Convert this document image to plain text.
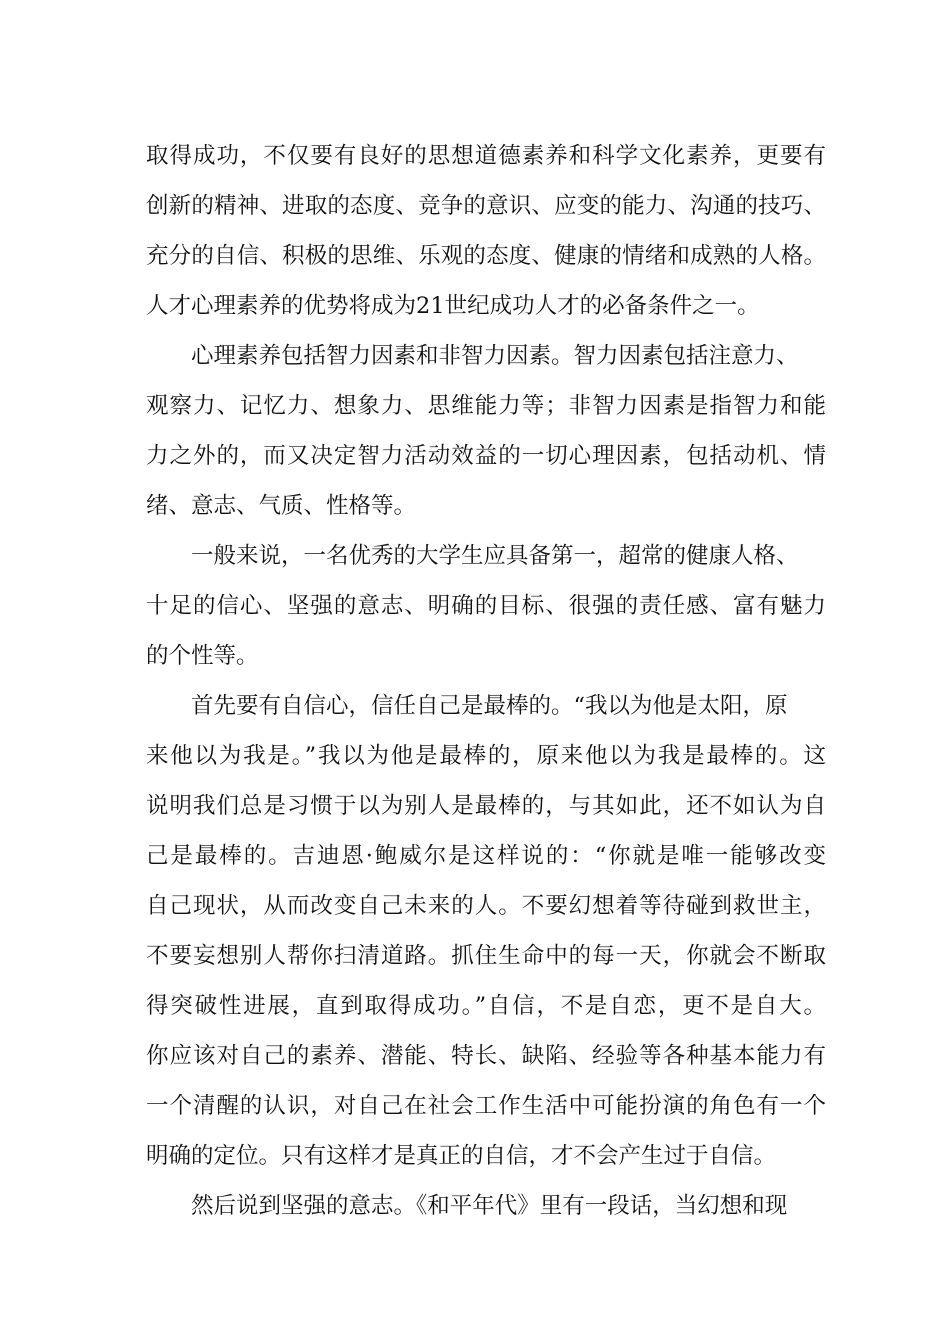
取得成功，不仅要有良好的思想道德素养和科学文化素养，更要有
创新的精神、进取的态度、竞争的意识、应变的能力、沟通的技巧、
充分的自信、积极的思维、乐观的态度、健康的情绪和成熟的人格。
人才心理素养的优势将成为21世纪成功人才的必备条件之一。
心理素养包括智力因素和非智力因素。智力因素包括注意力、
观察力、记忆力、想象力、思维能力等；非智力因素是指智力和能
力之外的，而又决定智力活动效益的一切心理因素，包括动机、情
绪、意志、气质、性格等。
一般来说，一名优秀的大学生应具备第一，超常的健康人格、
十足的信心、坚强的意志、明确的目标、很强的责任感、富有魅力
的个性等。
首先要有自信心，信任自己是最棒的。“我以为他是太阳，原
来他以为我是。”我以为他是最棒的，原来他以为我是最棒的。这
说明我们总是习惯于以为别人是最棒的，与其如此，还不如认为自
己是最棒的。吉迪恩·鲍威尔是这样说的：“你就是唯一能够改变
自己现状，从而改变自己未来的人。不要幻想着等待碰到救世主，
不要妄想别人帮你扫清道路。抓住生命中的每一天，你就会不断取
得突破性进展，直到取得成功。”自信，不是自恋，更不是自大。
你应该对自己的素养、潜能、特长、缺陷、经验等各种基本能力有
一个清醒的认识，对自己在社会工作生活中可能扮演的角色有一个
明确的定位。只有这样才是真正的自信，才不会产生过于自信。
然后说到坚强的意志。《和平年代》里有一段话，当幻想和现
